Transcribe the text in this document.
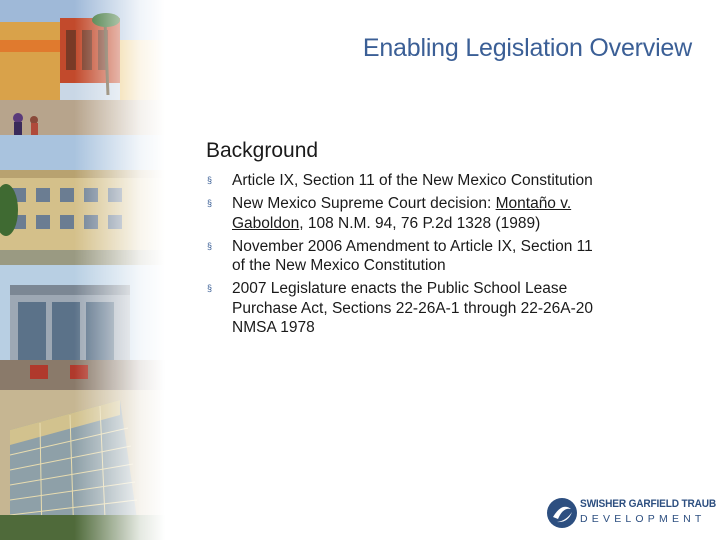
Enabling Legislation Overview
Background
§ Article IX, Section 11 of the New Mexico Constitution
§ New Mexico Supreme Court decision: Montaño v. Gaboldon, 108 N.M. 94, 76 P.2d 1328 (1989)
§ November 2006 Amendment to Article IX, Section 11 of the New Mexico Constitution
§ 2007 Legislature enacts the Public School Lease Purchase Act, Sections 22-26A-1 through 22-26A-20 NMSA 1978
SWISHER GARFIELD TRAUB
DEVELOPMENT
